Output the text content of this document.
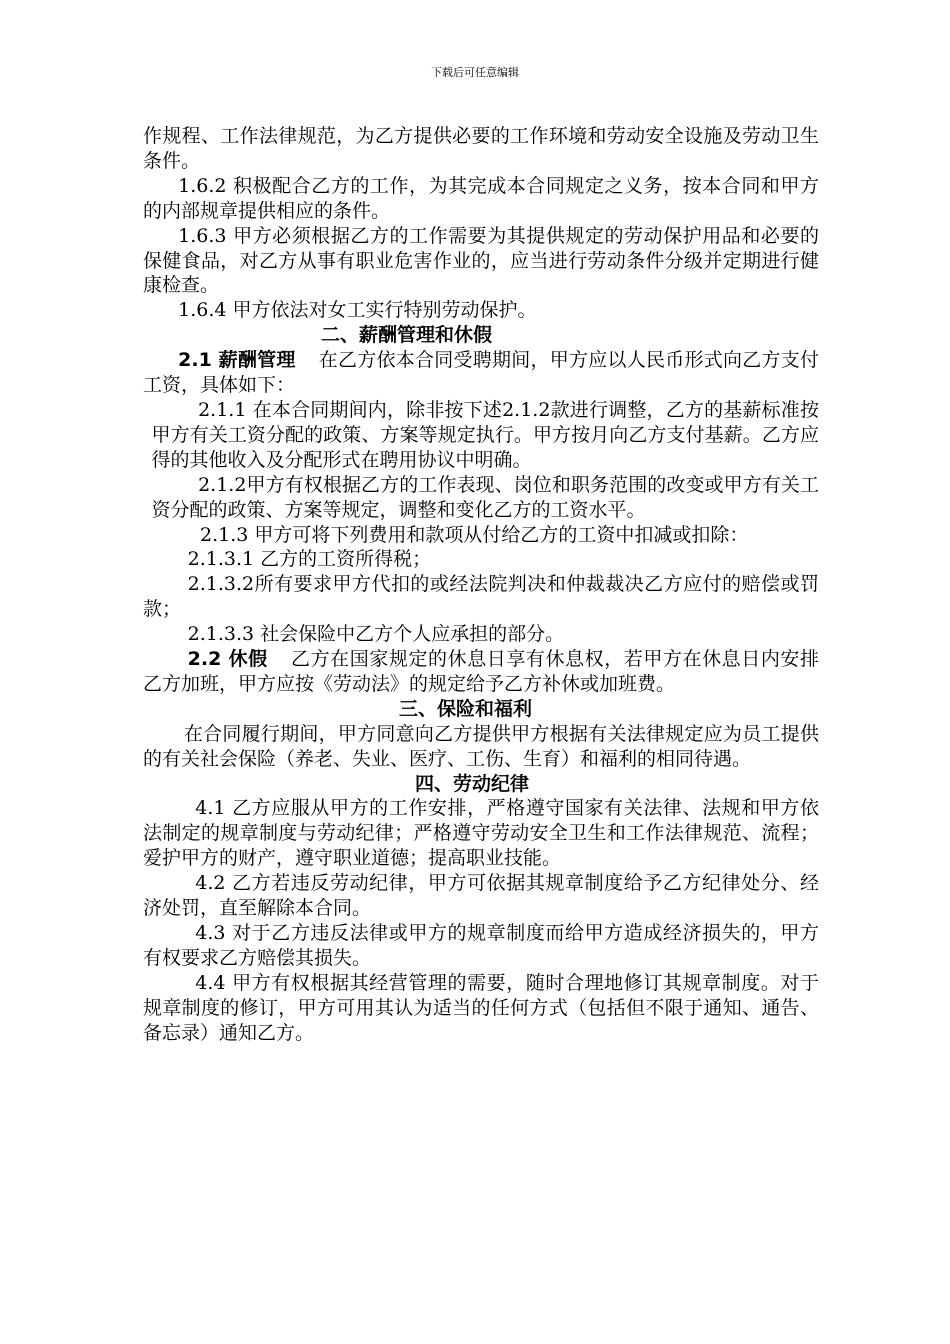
下载后可任意编辑

作规程、工作法律规范，为乙方提供必要的工作环境和劳动安全设施及劳动卫生条件。

1.6.2 积极配合乙方的工作，为其完成本合同规定之义务，按本合同和甲方的内部规章提供相应的条件。

1.6.3 甲方必须根据乙方的工作需要为其提供规定的劳动保护用品和必要的保健食品，对乙方从事有职业危害作业的，应当进行劳动条件分级并定期进行健康检查。

1.6.4 甲方依法对女工实行特别劳动保护。

二、薪酬管理和休假

2.1 薪酬管理 在乙方依本合同受聘期间，甲方应以人民币形式向乙方支付工资，具体如下：

2.1.1 在本合同期间内，除非按下述2.1.2款进行调整，乙方的基薪标准按甲方有关工资分配的政策、方案等规定执行。甲方按月向乙方支付基薪。乙方应得的其他收入及分配形式在聘用协议中明确。

2.1.2甲方有权根据乙方的工作表现、岗位和职务范围的改变或甲方有关工资分配的政策、方案等规定，调整和变化乙方的工资水平。

2.1.3 甲方可将下列费用和款项从付给乙方的工资中扣减或扣除：

2.1.3.1 乙方的工资所得税；

2.1.3.2所有要求甲方代扣的或经法院判决和仲裁裁决乙方应付的赔偿或罚款；

2.1.3.3 社会保险中乙方个人应承担的部分。

2.2 休假 乙方在国家规定的休息日享有休息权，若甲方在休息日内安排乙方加班，甲方应按《劳动法》的规定给予乙方补休或加班费。

三、保险和福利

在合同履行期间，甲方同意向乙方提供甲方根据有关法律规定应为员工提供的有关社会保险（养老、失业、医疗、工伤、生育）和福利的相同待遇。

四、劳动纪律

4.1 乙方应服从甲方的工作安排，严格遵守国家有关法律、法规和甲方依法制定的规章制度与劳动纪律；严格遵守劳动安全卫生和工作法律规范、流程；爱护甲方的财产，遵守职业道德；提高职业技能。

4.2 乙方若违反劳动纪律，甲方可依据其规章制度给予乙方纪律处分、经济处罚，直至解除本合同。

4.3 对于乙方违反法律或甲方的规章制度而给甲方造成经济损失的，甲方有权要求乙方赔偿其损失。

4.4 甲方有权根据其经营管理的需要，随时合理地修订其规章制度。对于规章制度的修订，甲方可用其认为适当的任何方式（包括但不限于通知、通告、备忘录）通知乙方。
